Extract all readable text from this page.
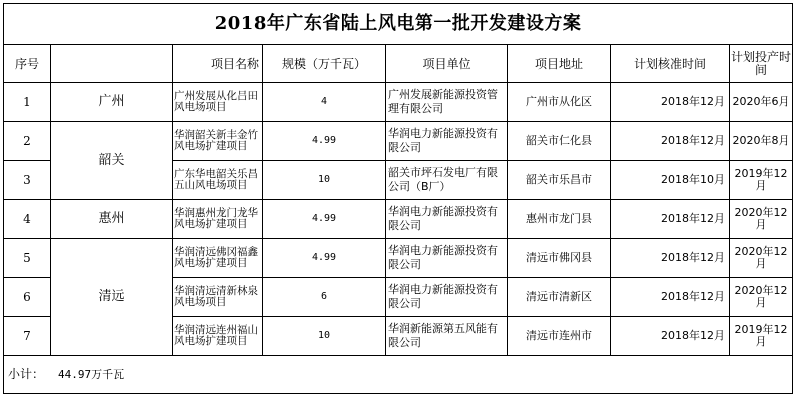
2018年广东省陆上风电第一批开发建设方案							
序号		项目名称	规模（万千瓦）	项目单位	项目地址	计划核准时间	计划投产时间
1	广州	广州发展从化吕田风电场项目	4	广州发展新能源投资管理有限公司	广州市从化区	2018年12月	2020年6月
2	韶关	华润韶关新丰金竹风电场扩建项目	4.99	华润电力新能源投资有限公司	韶关市仁化县	2018年12月	2020年8月
3		广东华电韶关乐昌五山风电场项目	10	韶关市坪石发电厂有限公司（B厂）	韶关市乐昌市	2018年10月	2019年12月
4	惠州	华润惠州龙门龙华风电场扩建项目	4.99	华润电力新能源投资有限公司	惠州市龙门县	2018年12月	2020年12月
5	清远	华润清远佛冈福鑫风电场扩建项目	4.99	华润电力新能源投资有限公司	清远市佛冈县	2018年12月	2020年12月
6		华润清远清新林泉风电场项目	6	华润电力新能源投资有限公司	清远市清新区	2018年12月	2020年12月
7		华润清远连州福山风电场扩建项目	10	华润新能源第五风能有限公司	清远市连州市	2018年12月	2019年12月
小计： 44.97万千瓦							
